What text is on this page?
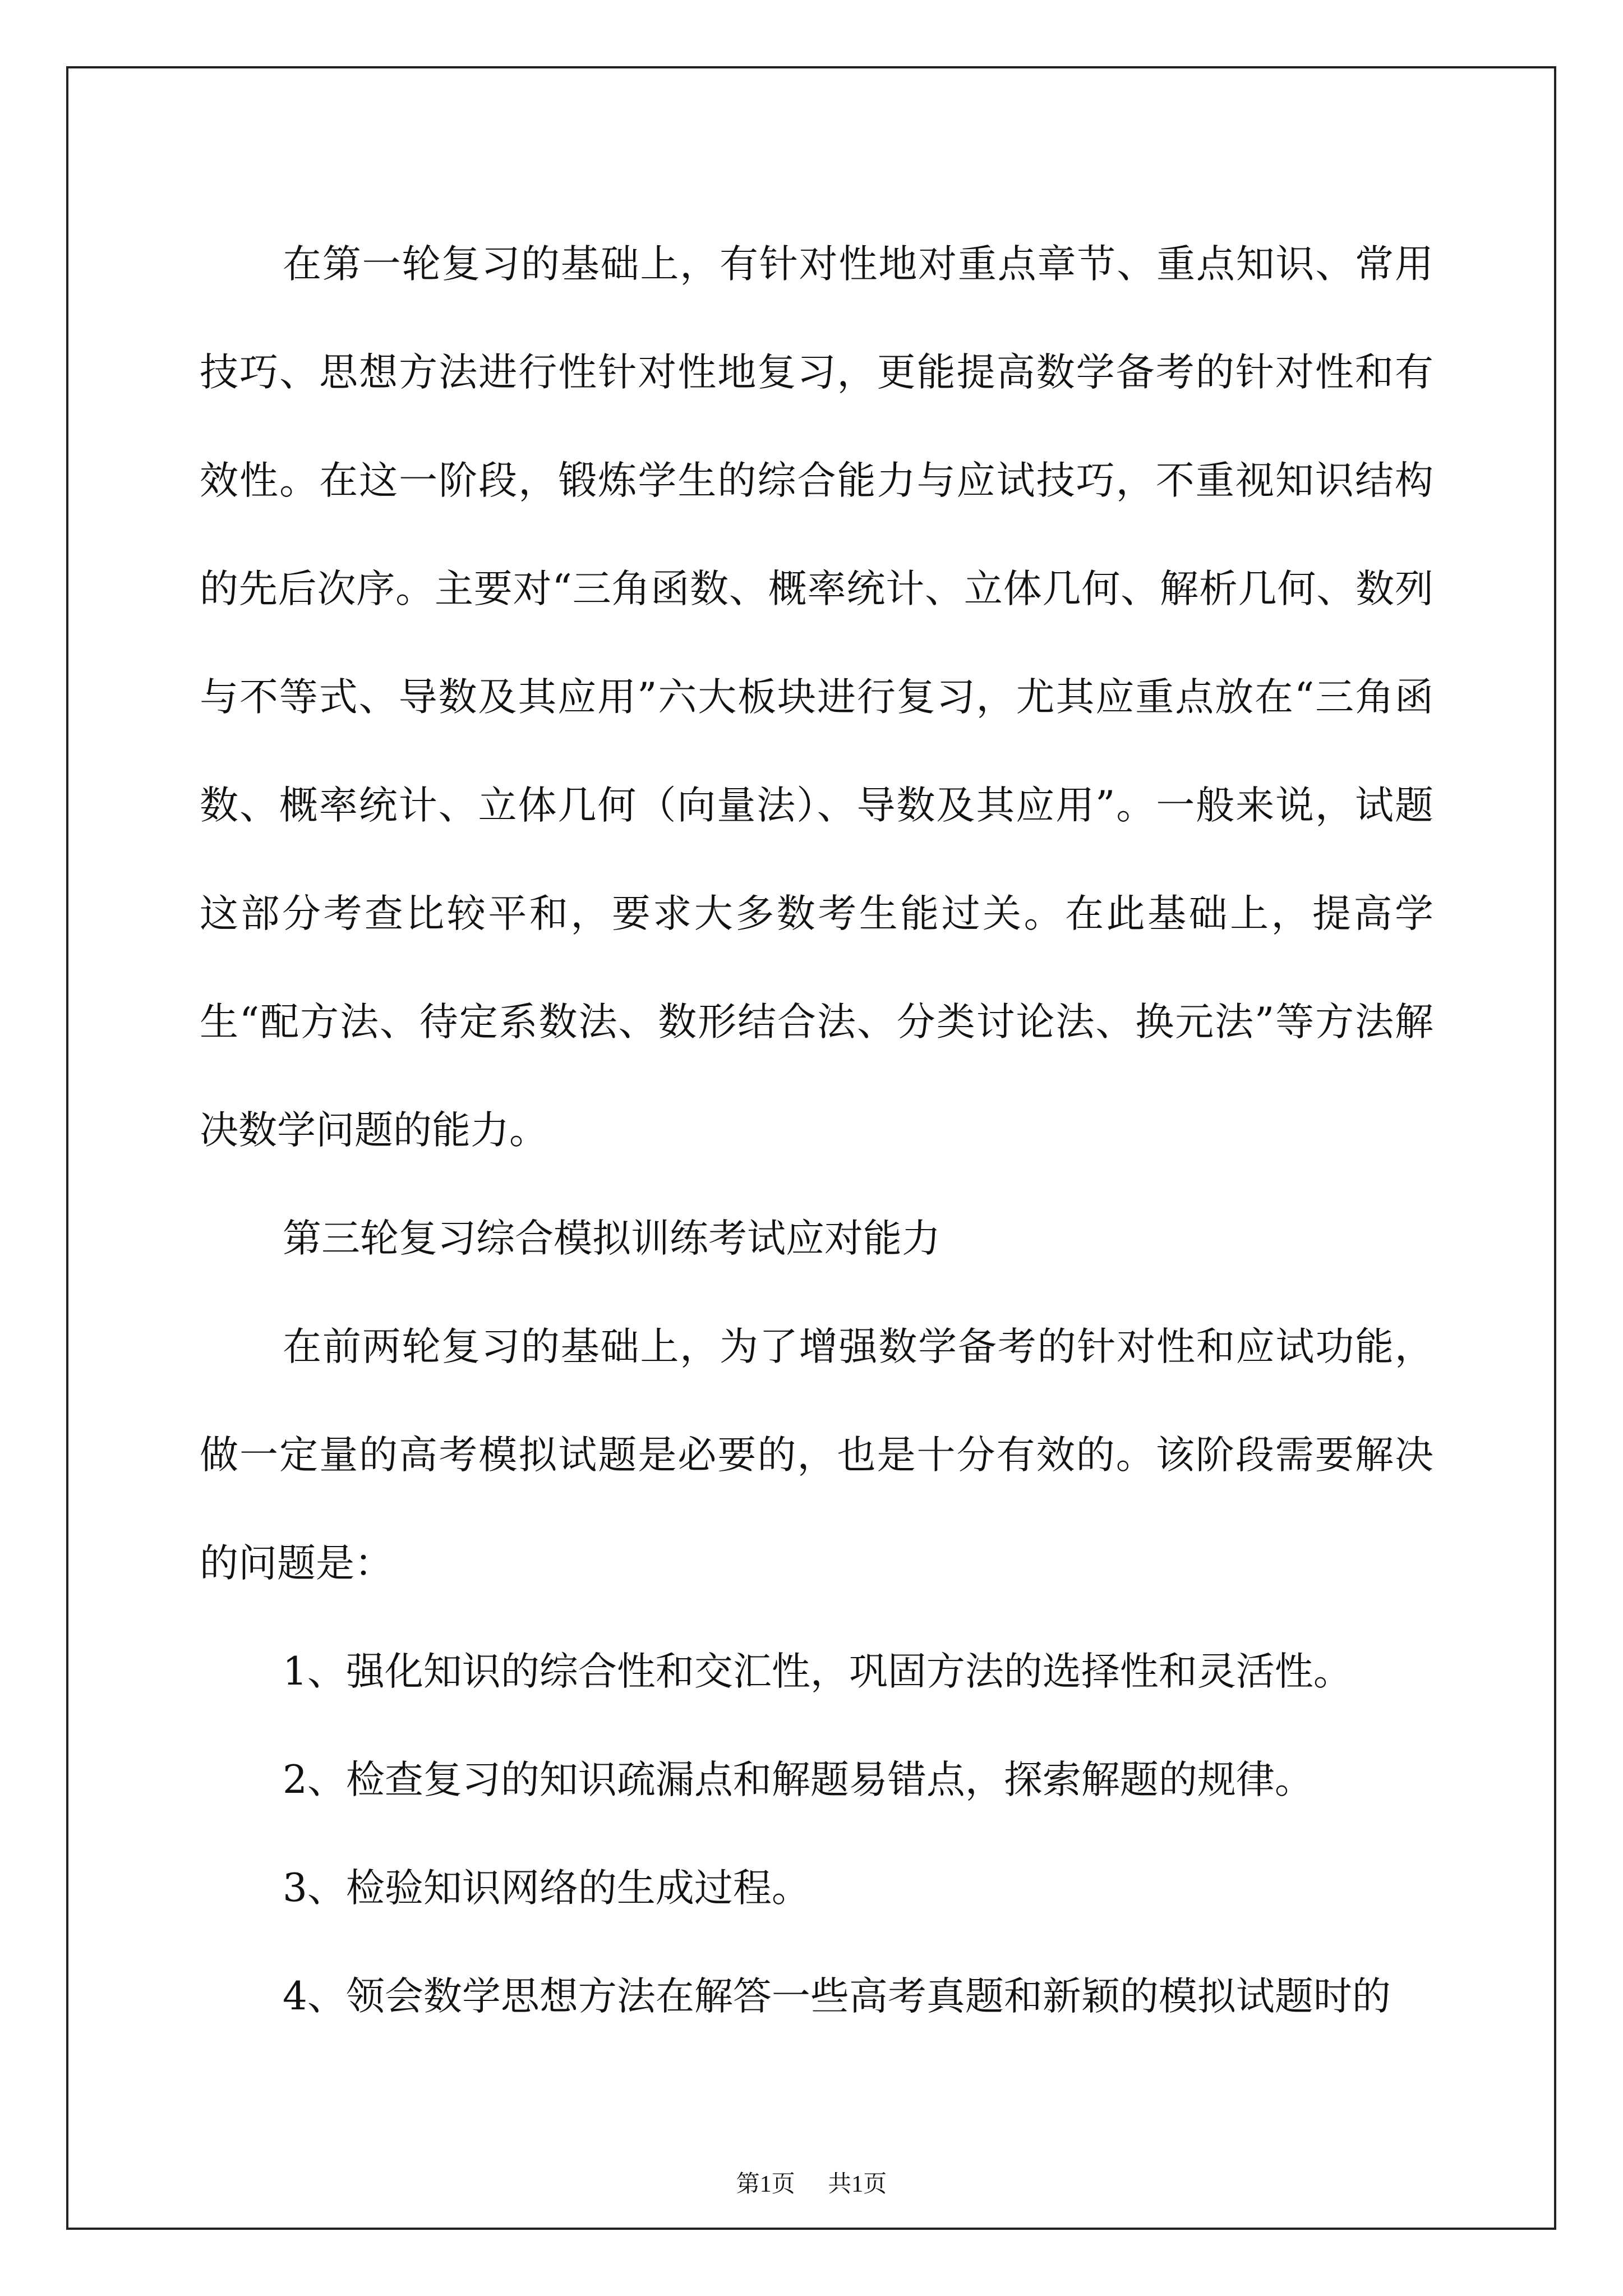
在第一轮复习的基础上，有针对性地对重点章节、重点知识、常用技巧、思想方法进行性针对性地复习，更能提高数学备考的针对性和有效性。在这一阶段，锻炼学生的综合能力与应试技巧，不重视知识结构的先后次序。主要对“三角函数、概率统计、立体几何、解析几何、数列与不等式、导数及其应用”六大板块进行复习，尤其应重点放在“三角函数、概率统计、立体几何（向量法）、导数及其应用”。一般来说，试题这部分考查比较平和，要求大多数考生能过关。在此基础上，提高学生“配方法、待定系数法、数形结合法、分类讨论法、换元法”等方法解决数学问题的能力。

第三轮复习综合模拟训练考试应对能力

在前两轮复习的基础上，为了增强数学备考的针对性和应试功能，做一定量的高考模拟试题是必要的，也是十分有效的。该阶段需要解决的问题是：

1、强化知识的综合性和交汇性，巩固方法的选择性和灵活性。

2、检查复习的知识疏漏点和解题易错点，探索解题的规律。

3、检验知识网络的生成过程。

4、领会数学思想方法在解答一些高考真题和新颖的模拟试题时的

第1页 共1页
